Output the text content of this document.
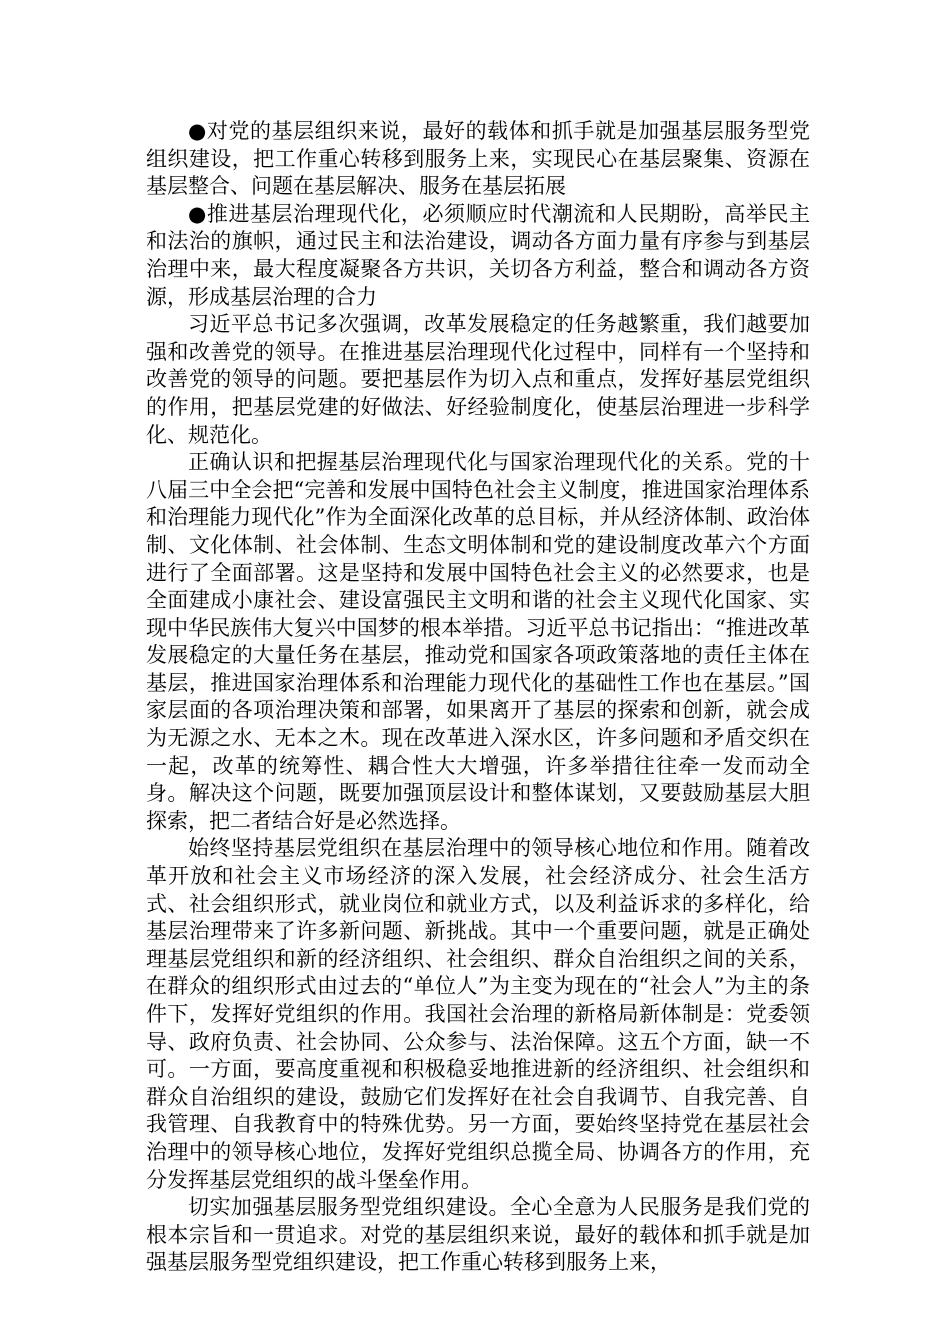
●对党的基层组织来说，最好的载体和抓手就是加强基层服务型党组织建设，把工作重心转移到服务上来，实现民心在基层聚集、资源在基层整合、问题在基层解决、服务在基层拓展

●推进基层治理现代化，必须顺应时代潮流和人民期盼，高举民主和法治的旗帜，通过民主和法治建设，调动各方面力量有序参与到基层治理中来，最大程度凝聚各方共识，关切各方利益，整合和调动各方资源，形成基层治理的合力

习近平总书记多次强调，改革发展稳定的任务越繁重，我们越要加强和改善党的领导。在推进基层治理现代化过程中，同样有一个坚持和改善党的领导的问题。要把基层作为切入点和重点，发挥好基层党组织的作用，把基层党建的好做法、好经验制度化，使基层治理进一步科学化、规范化。

正确认识和把握基层治理现代化与国家治理现代化的关系。党的十八届三中全会把“完善和发展中国特色社会主义制度，推进国家治理体系和治理能力现代化”作为全面深化改革的总目标，并从经济体制、政治体制、文化体制、社会体制、生态文明体制和党的建设制度改革六个方面进行了全面部署。这是坚持和发展中国特色社会主义的必然要求，也是全面建成小康社会、建设富强民主文明和谐的社会主义现代化国家、实现中华民族伟大复兴中国梦的根本举措。习近平总书记指出：“推进改革发展稳定的大量任务在基层，推动党和国家各项政策落地的责任主体在基层，推进国家治理体系和治理能力现代化的基础性工作也在基层。”国家层面的各项治理决策和部署，如果离开了基层的探索和创新，就会成为无源之水、无本之木。现在改革进入深水区，许多问题和矛盾交织在一起，改革的统筹性、耦合性大大增强，许多举措往往牵一发而动全身。解决这个问题，既要加强顶层设计和整体谋划，又要鼓励基层大胆探索，把二者结合好是必然选择。

始终坚持基层党组织在基层治理中的领导核心地位和作用。随着改革开放和社会主义市场经济的深入发展，社会经济成分、社会生活方式、社会组织形式，就业岗位和就业方式，以及利益诉求的多样化，给基层治理带来了许多新问题、新挑战。其中一个重要问题，就是正确处理基层党组织和新的经济组织、社会组织、群众自治组织之间的关系，在群众的组织形式由过去的“单位人”为主变为现在的“社会人”为主的条件下，发挥好党组织的作用。我国社会治理的新格局新体制是：党委领导、政府负责、社会协同、公众参与、法治保障。这五个方面，缺一不可。一方面，要高度重视和积极稳妥地推进新的经济组织、社会组织和群众自治组织的建设，鼓励它们发挥好在社会自我调节、自我完善、自我管理、自我教育中的特殊优势。另一方面，要始终坚持党在基层社会治理中的领导核心地位，发挥好党组织总揽全局、协调各方的作用，充分发挥基层党组织的战斗堡垒作用。

切实加强基层服务型党组织建设。全心全意为人民服务是我们党的根本宗旨和一贯追求。对党的基层组织来说，最好的载体和抓手就是加强基层服务型党组织建设，把工作重心转移到服务上来，
